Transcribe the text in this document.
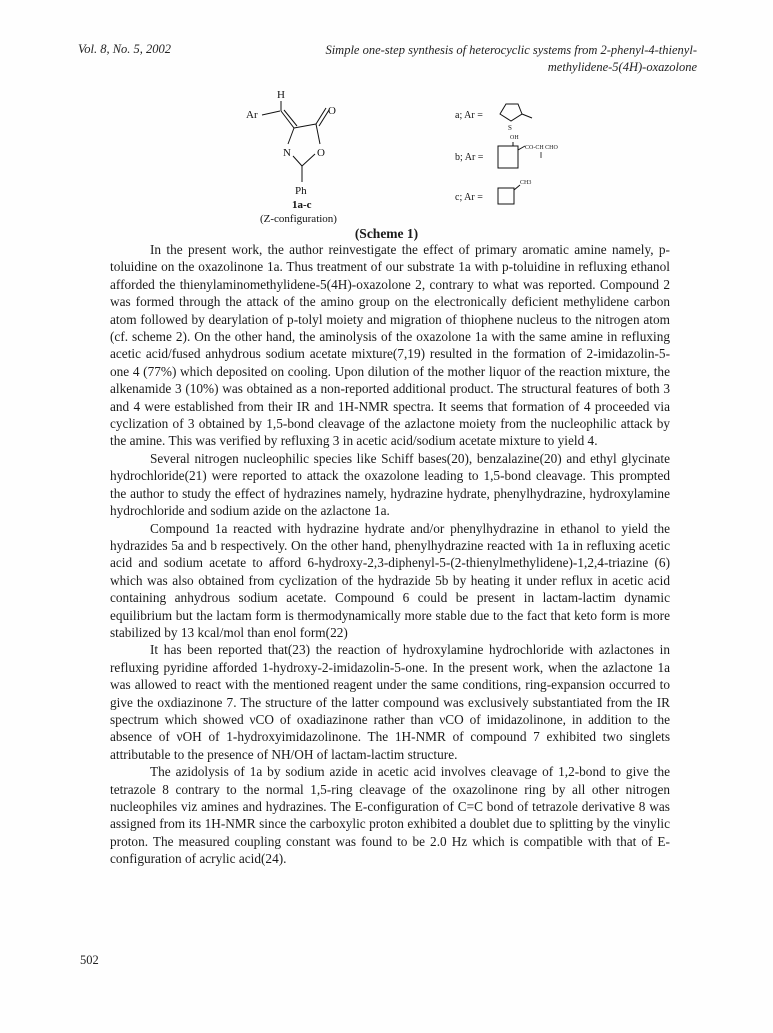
Vol. 8, No. 5, 2002	Simple one-step synthesis of heterocyclic systems from 2-phenyl-4-thienyl-
methylidene-5(4H)-oxazolone
H
Ar	O
N O
Ph
1a-c
(Z-configuration)
a; Ar =
S
OH
b; Ar =
CO-CH CHO
c; Ar =
CH3
(Scheme 1)

In the present work, the author reinvestigate the effect of primary aromatic amine namely, p-toluidine on the oxazolinone 1a. Thus treatment of our substrate 1a with p-toluidine in refluxing ethanol afforded the thienylaminomethylidene-5(4H)-oxazolone 2, contrary to what was reported. Compound 2 was formed through the attack of the amino group on the electronically deficient methylidene carbon atom followed by dearylation of p-tolyl moiety and migration of thiophene nucleus to the nitrogen atom (cf. scheme 2). On the other hand, the aminolysis of the oxazolone 1a with the same amine in refluxing acetic acid/fused anhydrous sodium acetate mixture(7,19) resulted in the formation of 2-imidazolin-5-one 4 (77%) which deposited on cooling. Upon dilution of the mother liquor of the reaction mixture, the alkenamide 3 (10%) was obtained as a non-reported additional product. The structural features of both 3 and 4 were established from their IR and 1H-NMR spectra. It seems that formation of 4 proceeded via cyclization of 3 obtained by 1,5-bond cleavage of the azlactone moiety from the nucleophilic attack by the amine. This was verified by refluxing 3 in acetic acid/sodium acetate mixture to yield 4.

Several nitrogen nucleophilic species like Schiff bases(20), benzalazine(20) and ethyl glycinate hydrochloride(21) were reported to attack the oxazolone leading to 1,5-bond cleavage. This prompted the author to study the effect of hydrazines namely, hydrazine hydrate, phenylhydrazine, hydroxylamine hydrochloride and sodium azide on the azlactone 1a.

Compound 1a reacted with hydrazine hydrate and/or phenylhydrazine in ethanol to yield the hydrazides 5a and b respectively. On the other hand, phenylhydrazine reacted with 1a in refluxing acetic acid and sodium acetate to afford 6-hydroxy-2,3-diphenyl-5-(2-thienylmethylidene)-1,2,4-triazine (6) which was also obtained from cyclization of the hydrazide 5b by heating it under reflux in acetic acid containing anhydrous sodium acetate. Compound 6 could be present in lactam-lactim dynamic equilibrium but the lactam form is thermodynamically more stable due to the fact that keto form is more stabilized by 13 kcal/mol than enol form(22)

It has been reported that(23) the reaction of hydroxylamine hydrochloride with azlactones in refluxing pyridine afforded 1-hydroxy-2-imidazolin-5-one. In the present work, when the azlactone 1a was allowed to react with the mentioned reagent under the same conditions, ring-expansion occurred to give the oxdiazinone 7. The structure of the latter compound was exclusively substantiated from the IR spectrum which showed νCO of oxadiazinone rather than νCO of imidazolinone, in addition to the absence of νOH of 1-hydroxyimidazolinone. The 1H-NMR of compound 7 exhibited two singlets attributable to the presence of NH/OH of lactam-lactim structure.

The azidolysis of 1a by sodium azide in acetic acid involves cleavage of 1,2-bond to give the tetrazole 8 contrary to the normal 1,5-ring cleavage of the oxazolinone ring by all other nitrogen nucleophiles viz amines and hydrazines. The E-configuration of C=C bond of tetrazole derivative 8 was assigned from its 1H-NMR since the carboxylic proton exhibited a doublet due to splitting by the vinylic proton. The measured coupling constant was found to be 2.0 Hz which is compatible with that of E-configuration of acrylic acid(24).

502
